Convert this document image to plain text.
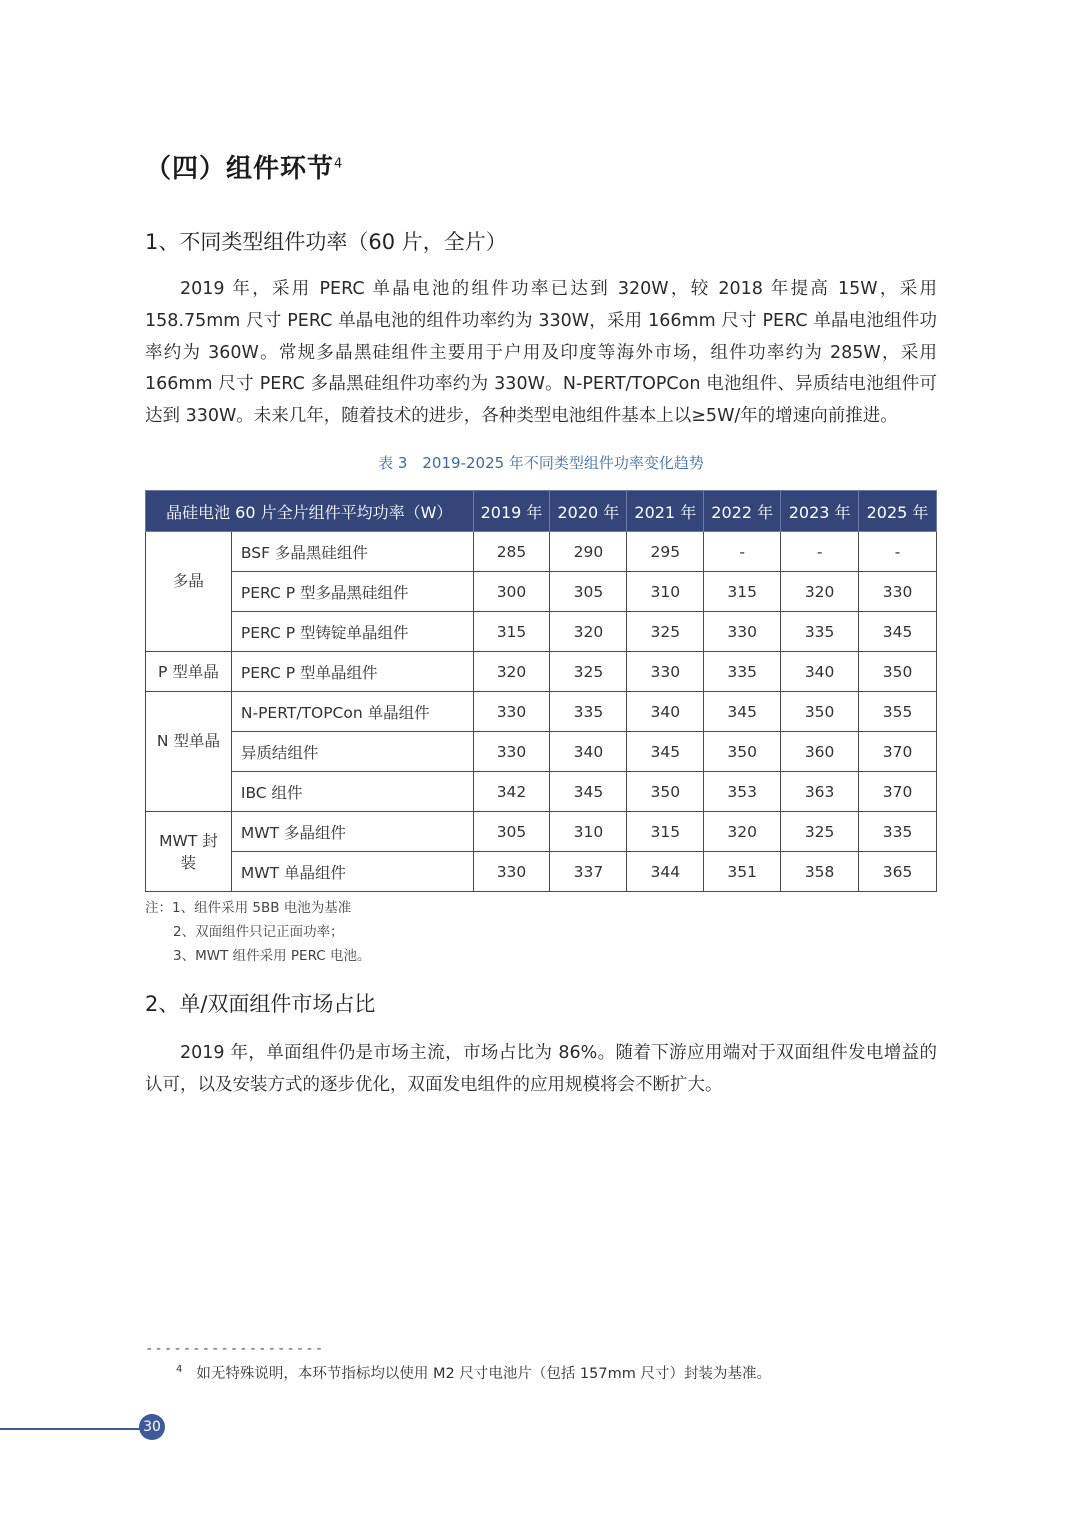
（四）组件环节$^4$
1、不同类型组件功率（60 片，全片）

2019 年，采用 PERC 单晶电池的组件功率已达到 320W，较 2018 年提高 15W，采用 158.75mm 尺寸 PERC 单晶电池的组件功率约为 330W，采用 166mm 尺寸 PERC 单晶电池组件功率约为 360W。常规多晶黑硅组件主要用于户用及印度等海外市场，组件功率约为 285W，采用 166mm 尺寸 PERC 多晶黑硅组件功率约为 330W。N-PERT/TOPCon 电池组件、异质结电池组件可达到 330W。未来几年，随着技术的进步，各种类型电池组件基本上以≥5W/年的增速向前推进。

表 3　2019-2025 年不同类型组件功率变化趋势
晶硅电池 60 片全片组件平均功率（W）		2019 年	2020 年	2021 年	2022 年	2023 年	2025 年
多晶	BSF 多晶黑硅组件	285	290	295	-	-	-
	PERC P 型多晶黑硅组件	300	305	310	315	320	330
	PERC P 型铸锭单晶组件	315	320	325	330	335	345
P 型单晶	PERC P 型单晶组件	320	325	330	335	340	350
N 型单晶	N-PERT/TOPCon 单晶组件	330	335	340	345	350	355
	异质结组件	330	340	345	350	360	370
	IBC 组件	342	345	350	353	363	370
MWT 封
装	MWT 多晶组件	305	310	315	320	325	335
	MWT 单晶组件	330	337	344	351	358	365
注：1、组件采用 5BB 电池为基准
2、双面组件只记正面功率；
3、MWT 组件采用 PERC 电池。
2、单/双面组件市场占比

2019 年，单面组件仍是市场主流，市场占比为 86%。随着下游应用端对于双面组件发电增益的认可，以及安装方式的逐步优化，双面发电组件的应用规模将会不断扩大。

-------------------
$^4$ 如无特殊说明，本环节指标均以使用 M2 尺寸电池片（包括 157mm 尺寸）封装为基准。
30
